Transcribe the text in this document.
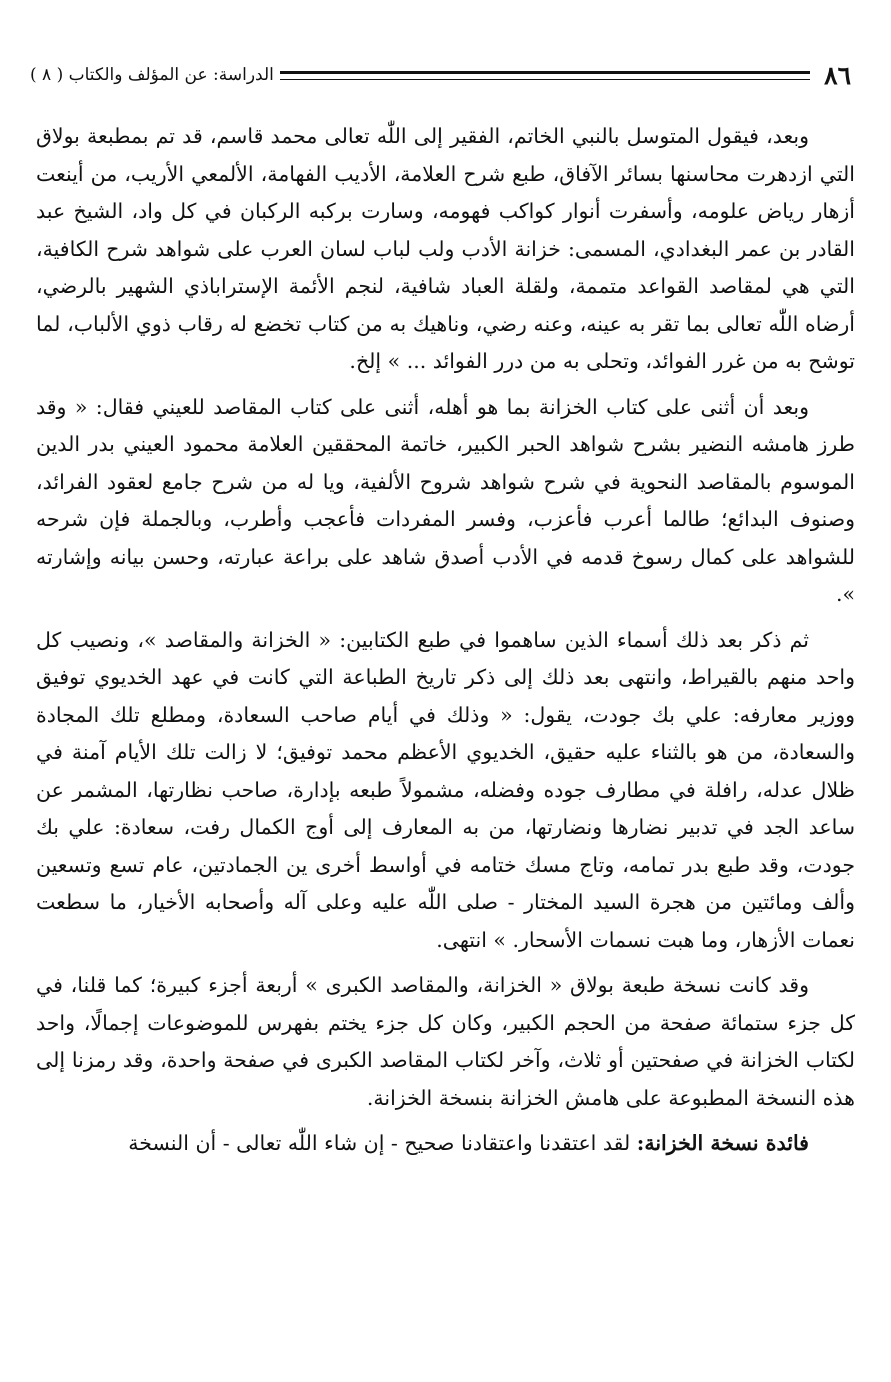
٨٦
الدراسة: عن المؤلف والكتاب ( ٨ )

وبعد، فيقول المتوسل بالنبي الخاتم، الفقير إلى اللّٰه تعالى محمد قاسم، قد تم بمطبعة بولاق التي ازدهرت محاسنها بسائر الآفاق، طبع شرح العلامة، الأديب الفهامة، الألمعي الأريب، من أينعت أزهار رياض علومه، وأسفرت أنوار كواكب فهومه، وسارت بركبه الركبان في كل واد، الشيخ عبد القادر بن عمر البغدادي، المسمى: خزانة الأدب ولب لباب لسان العرب على شواهد شرح الكافية، التي هي لمقاصد القواعد متممة، ولقلة العباد شافية، لنجم الأئمة الإستراباذي الشهير بالرضي، أرضاه اللّٰه تعالى بما تقر به عينه، وعنه رضي، وناهيك به من كتاب تخضع له رقاب ذوي الألباب، لما توشح به من غرر الفوائد، وتحلى به من درر الفوائد ... » إلخ.

وبعد أن أثنى على كتاب الخزانة بما هو أهله، أثنى على كتاب المقاصد للعيني فقال: « وقد طرز هامشه النضير بشرح شواهد الحبر الكبير، خاتمة المحققين العلامة محمود العيني بدر الدين الموسوم بالمقاصد النحوية في شرح شواهد شروح الألفية، ويا له من شرح جامع لعقود الفرائد، وصنوف البدائع؛ طالما أعرب فأعزب، وفسر المفردات فأعجب وأطرب، وبالجملة فإن شرحه للشواهد على كمال رسوخ قدمه في الأدب أصدق شاهد على براعة عبارته، وحسن بيانه وإشارته ».

ثم ذكر بعد ذلك أسماء الذين ساهموا في طبع الكتابين: « الخزانة والمقاصد »، ونصيب كل واحد منهم بالقيراط، وانتهى بعد ذلك إلى ذكر تاريخ الطباعة التي كانت في عهد الخديوي توفيق ووزير معارفه: علي بك جودت، يقول: « وذلك في أيام صاحب السعادة، ومطلع تلك المجادة والسعادة، من هو بالثناء عليه حقيق، الخديوي الأعظم محمد توفيق؛ لا زالت تلك الأيام آمنة في ظلال عدله، رافلة في مطارف جوده وفضله، مشمولاً طبعه بإدارة، صاحب نظارتها، المشمر عن ساعد الجد في تدبير نضارها ونضارتها، من به المعارف إلى أوج الكمال رفت، سعادة: علي بك جودت، وقد طبع بدر تمامه، وتاج مسك ختامه في أواسط أخرى ين الجمادتين، عام تسع وتسعين وألف ومائتين من هجرة السيد المختار - صلى اللّٰه عليه وعلى آله وأصحابه الأخيار، ما سطعت نعمات الأزهار، وما هبت نسمات الأسحار. » انتهى.

وقد كانت نسخة طبعة بولاق « الخزانة، والمقاصد الكبرى » أربعة أجزء كبيرة؛ كما قلنا، في كل جزء ستمائة صفحة من الحجم الكبير، وكان كل جزء يختم بفهرس للموضوعات إجمالًا، واحد لكتاب الخزانة في صفحتين أو ثلاث، وآخر لكتاب المقاصد الكبرى في صفحة واحدة، وقد رمزنا إلى هذه النسخة المطبوعة على هامش الخزانة بنسخة الخزانة.

فائدة نسخة الخزانة: لقد اعتقدنا واعتقادنا صحيح - إن شاء اللّٰه تعالى - أن النسخة
